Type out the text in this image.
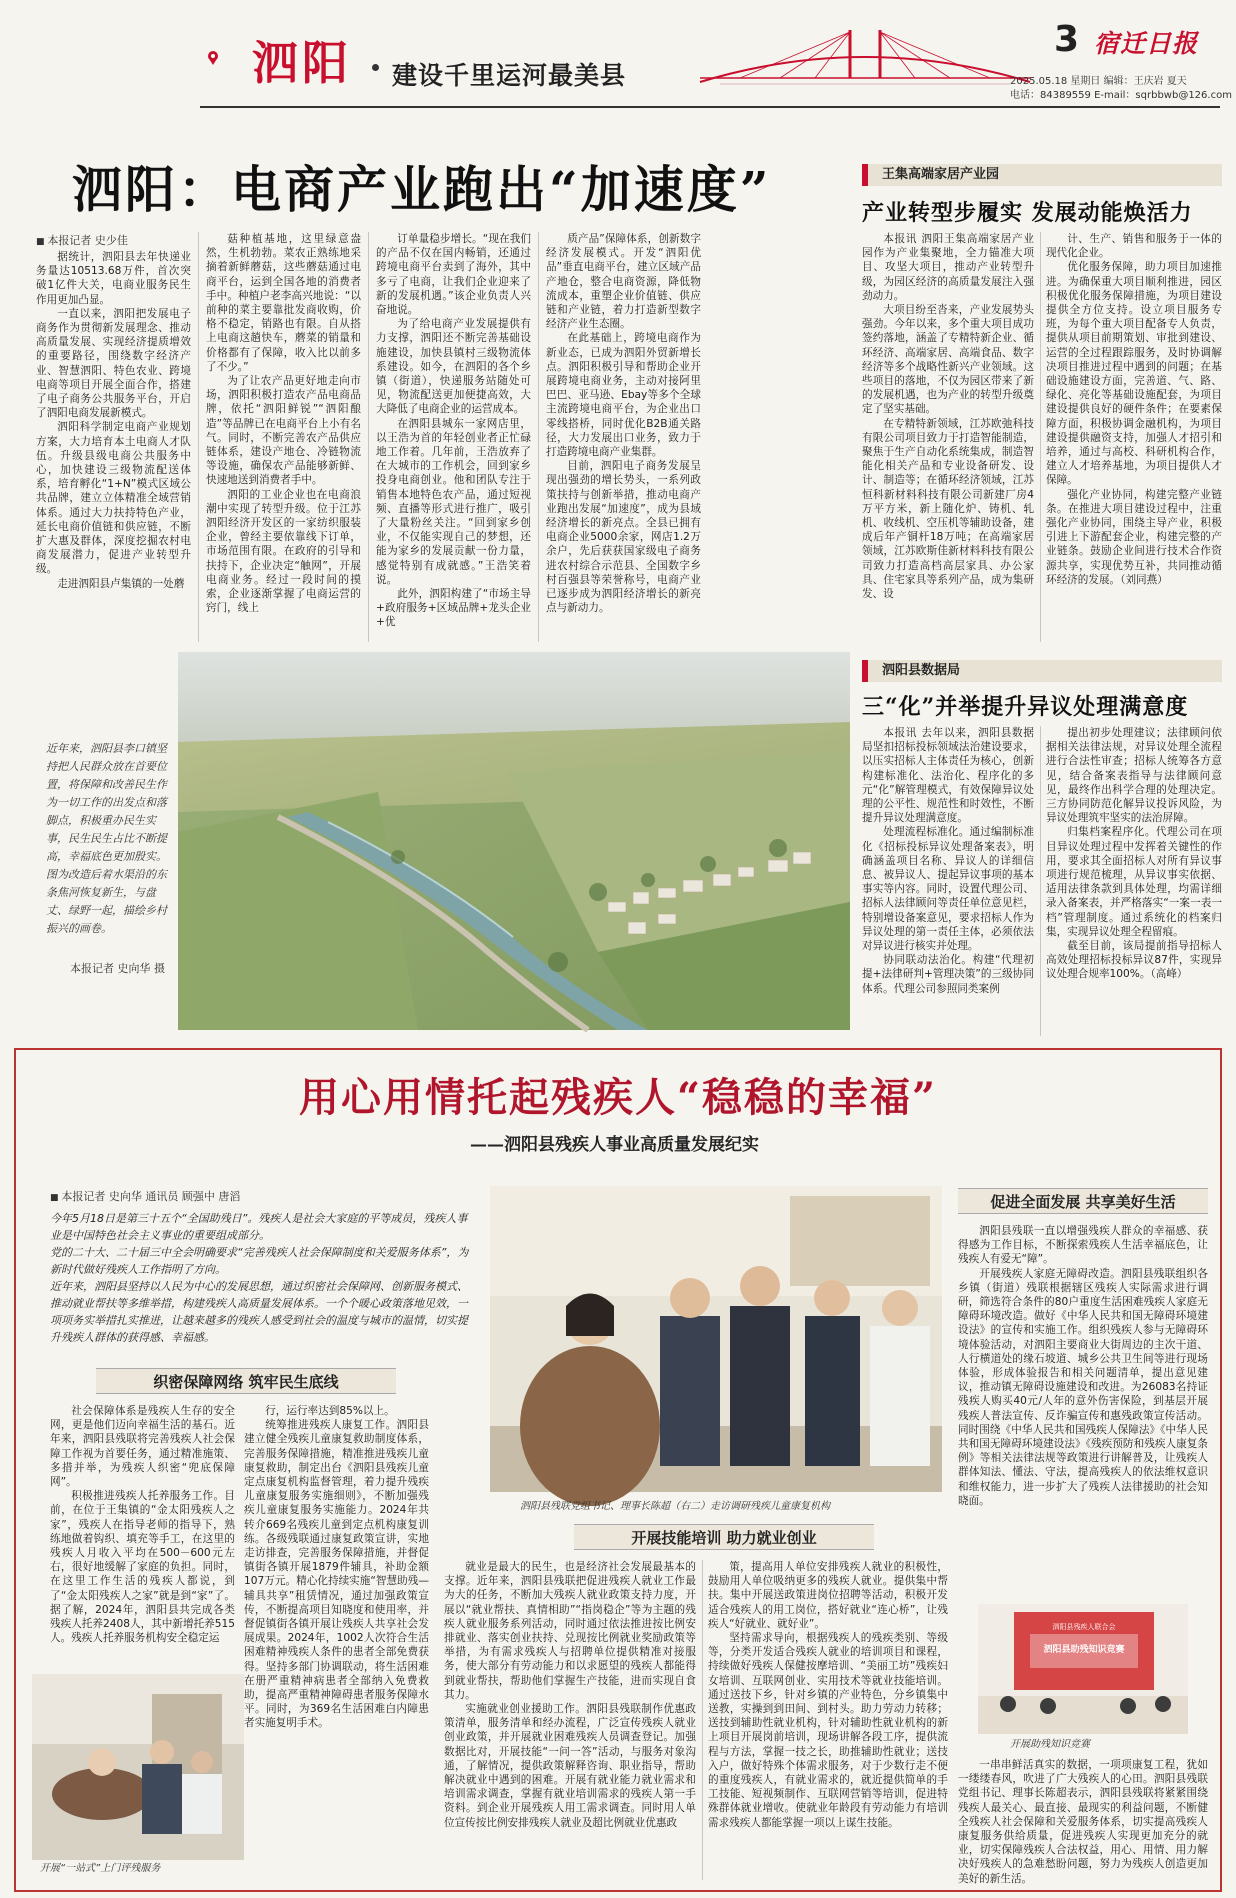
泗阳 建设千里运河最美县
3 宿迁日报
2025.05.18 星期日 编辑：王庆岩 夏天
电话：84389559 E-mail：sqrbbwb@126.com
泗阳：电商产业跑出“加速度”
■ 本报记者 史少佳

据统计，泗阳县去年快递业务量达10513.68万件，首次突破1亿件大关，电商业服务民生作用更加凸显。

一直以来，泗阳把发展电子商务作为贯彻新发展理念、推动高质量发展、实现经济提质增效的重要路径，围绕数字经济产业、智慧泗阳、特色农业、跨境电商等项目开展全面合作，搭建了电子商务公共服务平台，开启了泗阳电商发展新模式。

泗阳科学制定电商产业规划方案，大力培育本土电商人才队伍。升级县级电商公共服务中心，加快建设三级物流配送体系，培育孵化“1+N”模式区域公共品牌，建立立体精准全域营销体系。通过大力扶持特色产业，延长电商价值链和供应链，不断扩大惠及群体，深度挖掘农村电商发展潜力，促进产业转型升级。

走进泗阳县卢集镇的一处蘑

菇种植基地，这里绿意盎然，生机勃勃。菜农正熟练地采摘着新鲜蘑菇，这些蘑菇通过电商平台，运到全国各地的消费者手中。种植户老李高兴地说：“以前种的菜主要靠批发商收购，价格不稳定，销路也有限。自从搭上电商这趟快车，蘑菜的销量和价格都有了保障，收入比以前多了不少。”

为了让农产品更好地走向市场，泗阳积极打造农产品电商品牌，依托“泗阳鲜锐”“泗阳酿造”等品牌已在电商平台上小有名气。同时，不断完善农产品供应链体系，建设产地仓、冷链物流等设施，确保农产品能够新鲜、快速地送到消费者手中。

泗阳的工业企业也在电商浪潮中实现了转型升级。位于江苏泗阳经济开发区的一家纺织服装企业，曾经主要依靠线下订单，市场范围有限。在政府的引导和扶持下，企业决定“触网”，开展电商业务。经过一段时间的摸索，企业逐渐掌握了电商运营的窍门，线上

订单量稳步增长。“现在我们的产品不仅在国内畅销，还通过跨境电商平台卖到了海外，其中多亏了电商，让我们企业迎来了新的发展机遇。”该企业负责人兴奋地说。

为了给电商产业发展提供有力支撑，泗阳还不断完善基础设施建设，加快县镇村三级物流体系建设。如今，在泗阳的各个乡镇（街道），快递服务站随处可见，物流配送更加便捷高效，大大降低了电商企业的运营成本。

在泗阳县城东一家网店里，以王浩为首的年轻创业者正忙碌地工作着。几年前，王浩放弃了在大城市的工作机会，回到家乡投身电商创业。他和团队专注于销售本地特色农产品，通过短视频、直播等形式进行推广，吸引了大量粉丝关注。“回到家乡创业，不仅能实现自己的梦想，还能为家乡的发展贡献一份力量，感觉特别有成就感。”王浩笑着说。

此外，泗阳构建了“市场主导+政府服务+区域品牌+龙头企业+优

质产品”保障体系，创新数字经济发展模式。开发“泗阳优品”垂直电商平台，建立区域产品产地仓，整合电商资源，降低物流成本，重塑企业价值链、供应链和产业链，着力打造新型数字经济产业生态圈。

在此基础上，跨境电商作为新业态，已成为泗阳外贸新增长点。泗阳积极引导和帮助企业开展跨境电商业务，主动对接阿里巴巴、亚马逊、Ebay等多个全球主流跨境电商平台，为企业出口零线搭桥，同时优化B2B通关路径，大力发展出口业务，致力于打造跨境电商产业集群。

目前，泗阳电子商务发展呈现出强劲的增长势头，一系列政策扶持与创新举措，推动电商产业跑出发展“加速度”，成为县域经济增长的新亮点。全县已拥有电商企业5000余家，网店1.2万余户，先后获获国家级电子商务进农村综合示范县、全国数字乡村百强县等荣誉称号，电商产业已逐步成为泗阳经济增长的新亮点与新动力。

近年来，泗阳县李口镇坚持把人民群众放在首要位置，将保障和改善民生作为一切工作的出发点和落脚点，积极重办民生实事，民生民生占比不断提高，幸福底色更加殷实。

图为改造后着水渠沿的东条焦河恢复新生，与盘丈、绿野一起，描绘乡村振兴的画卷。

本报记者 史向华 摄
王集高端家居产业园
产业转型步履实 发展动能焕活力

本报讯 泗阳王集高端家居产业园作为产业集聚地，全力锚准大项目、攻坚大项目，推动产业转型升级，为园区经济的高质量发展注入强劲动力。

大项目纷至沓来，产业发展势头强劲。今年以来，多个重大项目成功签约落地，涵盖了专精特新企业、循环经济、高端家居、高端食品、数字经济等多个战略性新兴产业领域。这些项目的落地，不仅为园区带来了新的发展机遇，也为产业的转型升级奠定了坚实基础。

在专精特新领域，江苏欧弛科技有限公司项目致力于打造智能制造，聚焦于生产自动化系统集成，制造智能化相关产品和专业设备研发、设计、制造等；在循环经济领域，江苏恒科新材料科技有限公司新建厂房4万平方米，新上随化炉、铸机、轧机、收线机、空压机等辅助设备，建成后年产铜杆18万吨；在高端家居领域，江苏欧斯佳新材料科技有限公司致力打造高档高层家具、办公家具、住宅家具等系列产品，成为集研发、设

计、生产、销售和服务于一体的现代化企业。

优化服务保障，助力项目加速推进。为确保重大项目顺利推进，园区积极优化服务保障措施，为项目建设提供全方位支持。设立项目服务专班，为每个重大项目配备专人负责，提供从项目前期策划、审批到建设、运营的全过程跟踪服务，及时协调解决项目推进过程中遇到的问题；在基础设施建设方面，完善道、气、路、绿化、亮化等基础设施配套，为项目建设提供良好的硬件条件；在要素保障方面，积极协调金融机构，为项目建设提供融资支持，加强人才招引和培养，通过与高校、科研机构合作，建立人才培养基地，为项目提供人才保障。

强化产业协同，构建完整产业链条。在推进大项目建设过程中，注重强化产业协同，围绕主导产业，积极引进上下游配套企业，构建完整的产业链条。鼓励企业间进行技术合作资源共享，实现优势互补，共同推动循环经济的发展。（刘同燕）

泗阳县数据局
三“化”并举提升异议处理满意度

本报讯 去年以来，泗阳县数据局坚扣招标投标领域法治建设要求，以压实招标人主体责任为核心，创新构建标准化、法治化、程序化的多元“化”解管理模式，有效保障异议处理的公平性、规范性和时效性，不断提升异议处理满意度。

处理流程标准化。通过编制标准化《招标投标异议处理备案表》，明确涵盖项目名称、异议人的详细信息、被异议人、提起异议事项的基本事实等内容。同时，设置代理公司、招标人法律顾问等责任单位意见栏，特别增设备案意见，要求招标人作为异议处理的第一责任主体，必须依法对异议进行核实并处理。

协同联动法治化。构建“代理初提+法律研判+管理决策”的三级协同体系。代理公司参照同类案例

提出初步处理建议；法律顾问依据相关法律法规，对异议处理全流程进行合法性审查；招标人统筹各方意见，结合备案表指导与法律顾问意见，最终作出科学合理的处理决定。三方协同防范化解异议投诉风险，为异议处理筑牢坚实的法治屏障。

归集档案程序化。代理公司在项目异议处理过程中发挥着关键性的作用，要求其全面招标人对所有异议事项进行规范梳理，从异议事实依据、适用法律条款到具体处理，均需详细录入备案表，并严格落实“一案一表一档”管理制度。通过系统化的档案归集，实现异议处理全程留痕。

截至目前，该局提前指导招标人高效处理招标投标异议87件，实现异议处理合规率100%。（高峰）

用心用情托起残疾人“稳稳的幸福”
——泗阳县残疾人事业高质量发展纪实
■ 本报记者 史向华 通讯员 顾强中 唐滔

今年5月18日是第三十五个“全国助残日”。残疾人是社会大家庭的平等成员，残疾人事业是中国特色社会主义事业的重要组成部分。

党的二十大、二十届三中全会明确要求“完善残疾人社会保障制度和关爱服务体系”，为新时代做好残疾人工作指明了方向。

近年来，泗阳县坚持以人民为中心的发展思想，通过织密社会保障网、创新服务模式、推动就业帮扶等多维举措，构建残疾人高质量发展体系。一个个暖心政策落地见效，一项项务实举措扎实推进，让越来越多的残疾人感受到社会的温度与城市的温情，切实提升残疾人群体的获得感、幸福感。

织密保障网络 筑牢民生底线

社会保障体系是残疾人生存的安全网，更是他们迈向幸福生活的基石。近年来，泗阳县残联将完善残疾人社会保障工作视为首要任务，通过精准施策、多措并举，为残疾人织密“兜底保障网”。

积极推进残疾人托养服务工作。目前，在位于王集镇的“金太阳残疾人之家”，残疾人在指导老师的指导下，熟练地做着钩织、填充等手工，在这里的残疾人月收入平均在500－600元左右，很好地缓解了家庭的负担。同时，在这里工作生活的残疾人都说，到了“金太阳残疾人之家”就是到“家”了。据了解，2024年，泗阳县共完成各类残疾人托养2408人，其中新增托养515人。残疾人托养服务机构安全稳定运

行，运行率达到85%以上。

统筹推进残疾人康复工作。泗阳县建立健全残疾儿童康复救助制度体系，完善服务保障措施，精准推进残疾儿童康复救助，制定出台《泗阳县残疾儿童定点康复机构监督管理，着力提升残疾儿童康复服务实施细则》，不断加强残疾儿童康复服务实施能力。2024年共转介669名残疾儿童到定点机构康复训练。各级残联通过康复政策宣讲，实地走访排查，完善服务保障措施，并督促镇街各镇开展1879件辅具，补助金额107万元。精心化持续实施“智慧助残—辅具共享”租赁情况，通过加强政策宣传，不断提高项目知晓度和使用率，并督促镇街各镇开展让残疾人共享社会发展成果。2024年，1002人次符合生活困难精神残疾人条件的患者全部免费获得。坚持多部门协调联动，将生活困难在册严重精神病患者全部纳入免费救助，提高严重精神障碍患者服务保障水平。同时，为369名生活困难白内障患者实施复明手术。

开展“一站式”上门评残服务
泗阳县残联党组书记、理事长陈超（右二）走访调研残疾儿童康复机构
开展技能培训 助力就业创业

就业是最大的民生，也是经济社会发展最基本的支撑。近年来，泗阳县残联把促进残疾人就业工作最为大的任务，不断加大残疾人就业政策支持力度，开展以“就业帮扶、真情相助”“指岗稳企”等为主题的残疾人就业服务系列活动，同时通过依法推进按比例安排就业、落实创业扶持、兑现按比例就业奖励政策等举措，为有需求残疾人与招聘单位提供精准对接服务，使大部分有劳动能力和以求愿望的残疾人都能得到就业帮扶，帮助他们掌握生产技能，进而实现自食其力。

实施就业创业援助工作。泗阳县残联制作优惠政策清单，服务清单和经办流程，广泛宣传残疾人就业创业政策，并开展就业困难残疾人员调查登记。加强数据比对，开展技能“一问一答”活动，与服务对象沟通，了解情况，提供政策解释咨询、职业指导，帮助解决就业中遇到的困难。开展有就业能力就业需求和培训需求调查，掌握有就业培训需求的残疾人第一手资料。到企业开展残疾人用工需求调查。同时用人单位宣传按比例安排残疾人就业及超比例就业优惠政

策，提高用人单位安排残疾人就业的积极性，鼓励用人单位吸纳更多的残疾人就业。提供集中帮扶。集中开展送政策进岗位招聘等活动，积极开发适合残疾人的用工岗位，搭好就业“连心桥”，让残疾人“好就业、就好业”。

坚持需求导向，根据残疾人的残疾类别、等级等，分类开发适合残疾人就业的培训项目和课程，持续做好残疾人保健按摩培训、“美丽工坊”残疾妇女培训、互联网创业、实用技术等就业技能培训。通过送技下乡，针对乡镇的产业特色，分乡镇集中送教，实操到到田间、到村头。助力劳动力转移；送技到辅助性就业机构，针对辅助性就业机构的新上项目开展岗前培训，现场讲解各段工序，提供流程与方法，掌握一技之长，助推辅助性就业；送技入户，做好特殊个体需求服务，对于少数行走不便的重度残疾人，有就业需求的，就近提供简单的手工技能、短视频制作、互联网营销等培训，促进特殊群体就业增收。使就业年龄段有劳动能力有培训需求残疾人都能掌握一项以上谋生技能。

促进全面发展 共享美好生活

泗阳县残联一直以增强残疾人群众的幸福感、获得感为工作目标，不断探索残疾人生活幸福底色，让残疾人有爱无“障”。

开展残疾人家庭无障碍改造。泗阳县残联组织各乡镇（街道）残联根据辖区残疾人实际需求进行调研，筛选符合条件的80户重度生活困难残疾人家庭无障碍环境改造。做好《中华人民共和国无障碍环境建设法》的宣传和实施工作。组织残疾人参与无障碍环境体验活动，对泗阳主要商业大街周边的主次干道、人行横道处的缘石坡道、城乡公共卫生间等进行现场体验，形成体验报告和相关问题清单，提出意见建议，推动镇无障碍设施建设和改进。为26083名持证残疾人购买40元/人年的意外伤害保险，到基层开展残疾人普法宣传、反诈骗宣传和惠残政策宣传活动。同时围绕《中华人民共和国残疾人保障法》《中华人民共和国无障碍环境建设法》《残疾预防和残疾人康复条例》等相关法律法规等政策进行讲解普及，让残疾人群体知法、懂法、守法，提高残疾人的依法维权意识和维权能力，进一步扩大了残疾人法律援助的社会知晓面。

泗阳县残疾人联合会
泗阳县助残知识竞赛
开展助残知识竞赛

一串串鲜活真实的数据，一项项康复工程，犹如一缕缕春风，吹进了广大残疾人的心田。泗阳县残联党组书记、理事长陈超表示，泗阳县残联将紧紧围绕残疾人最关心、最直接、最现实的利益问题，不断健全残疾人社会保障和关爱服务体系，切实提高残疾人康复服务供给质量，促进残疾人实现更加充分的就业，切实保障残疾人合法权益，用心、用情、用力解决好残疾人的急难愁盼问题，努力为残疾人创造更加美好的新生活。
